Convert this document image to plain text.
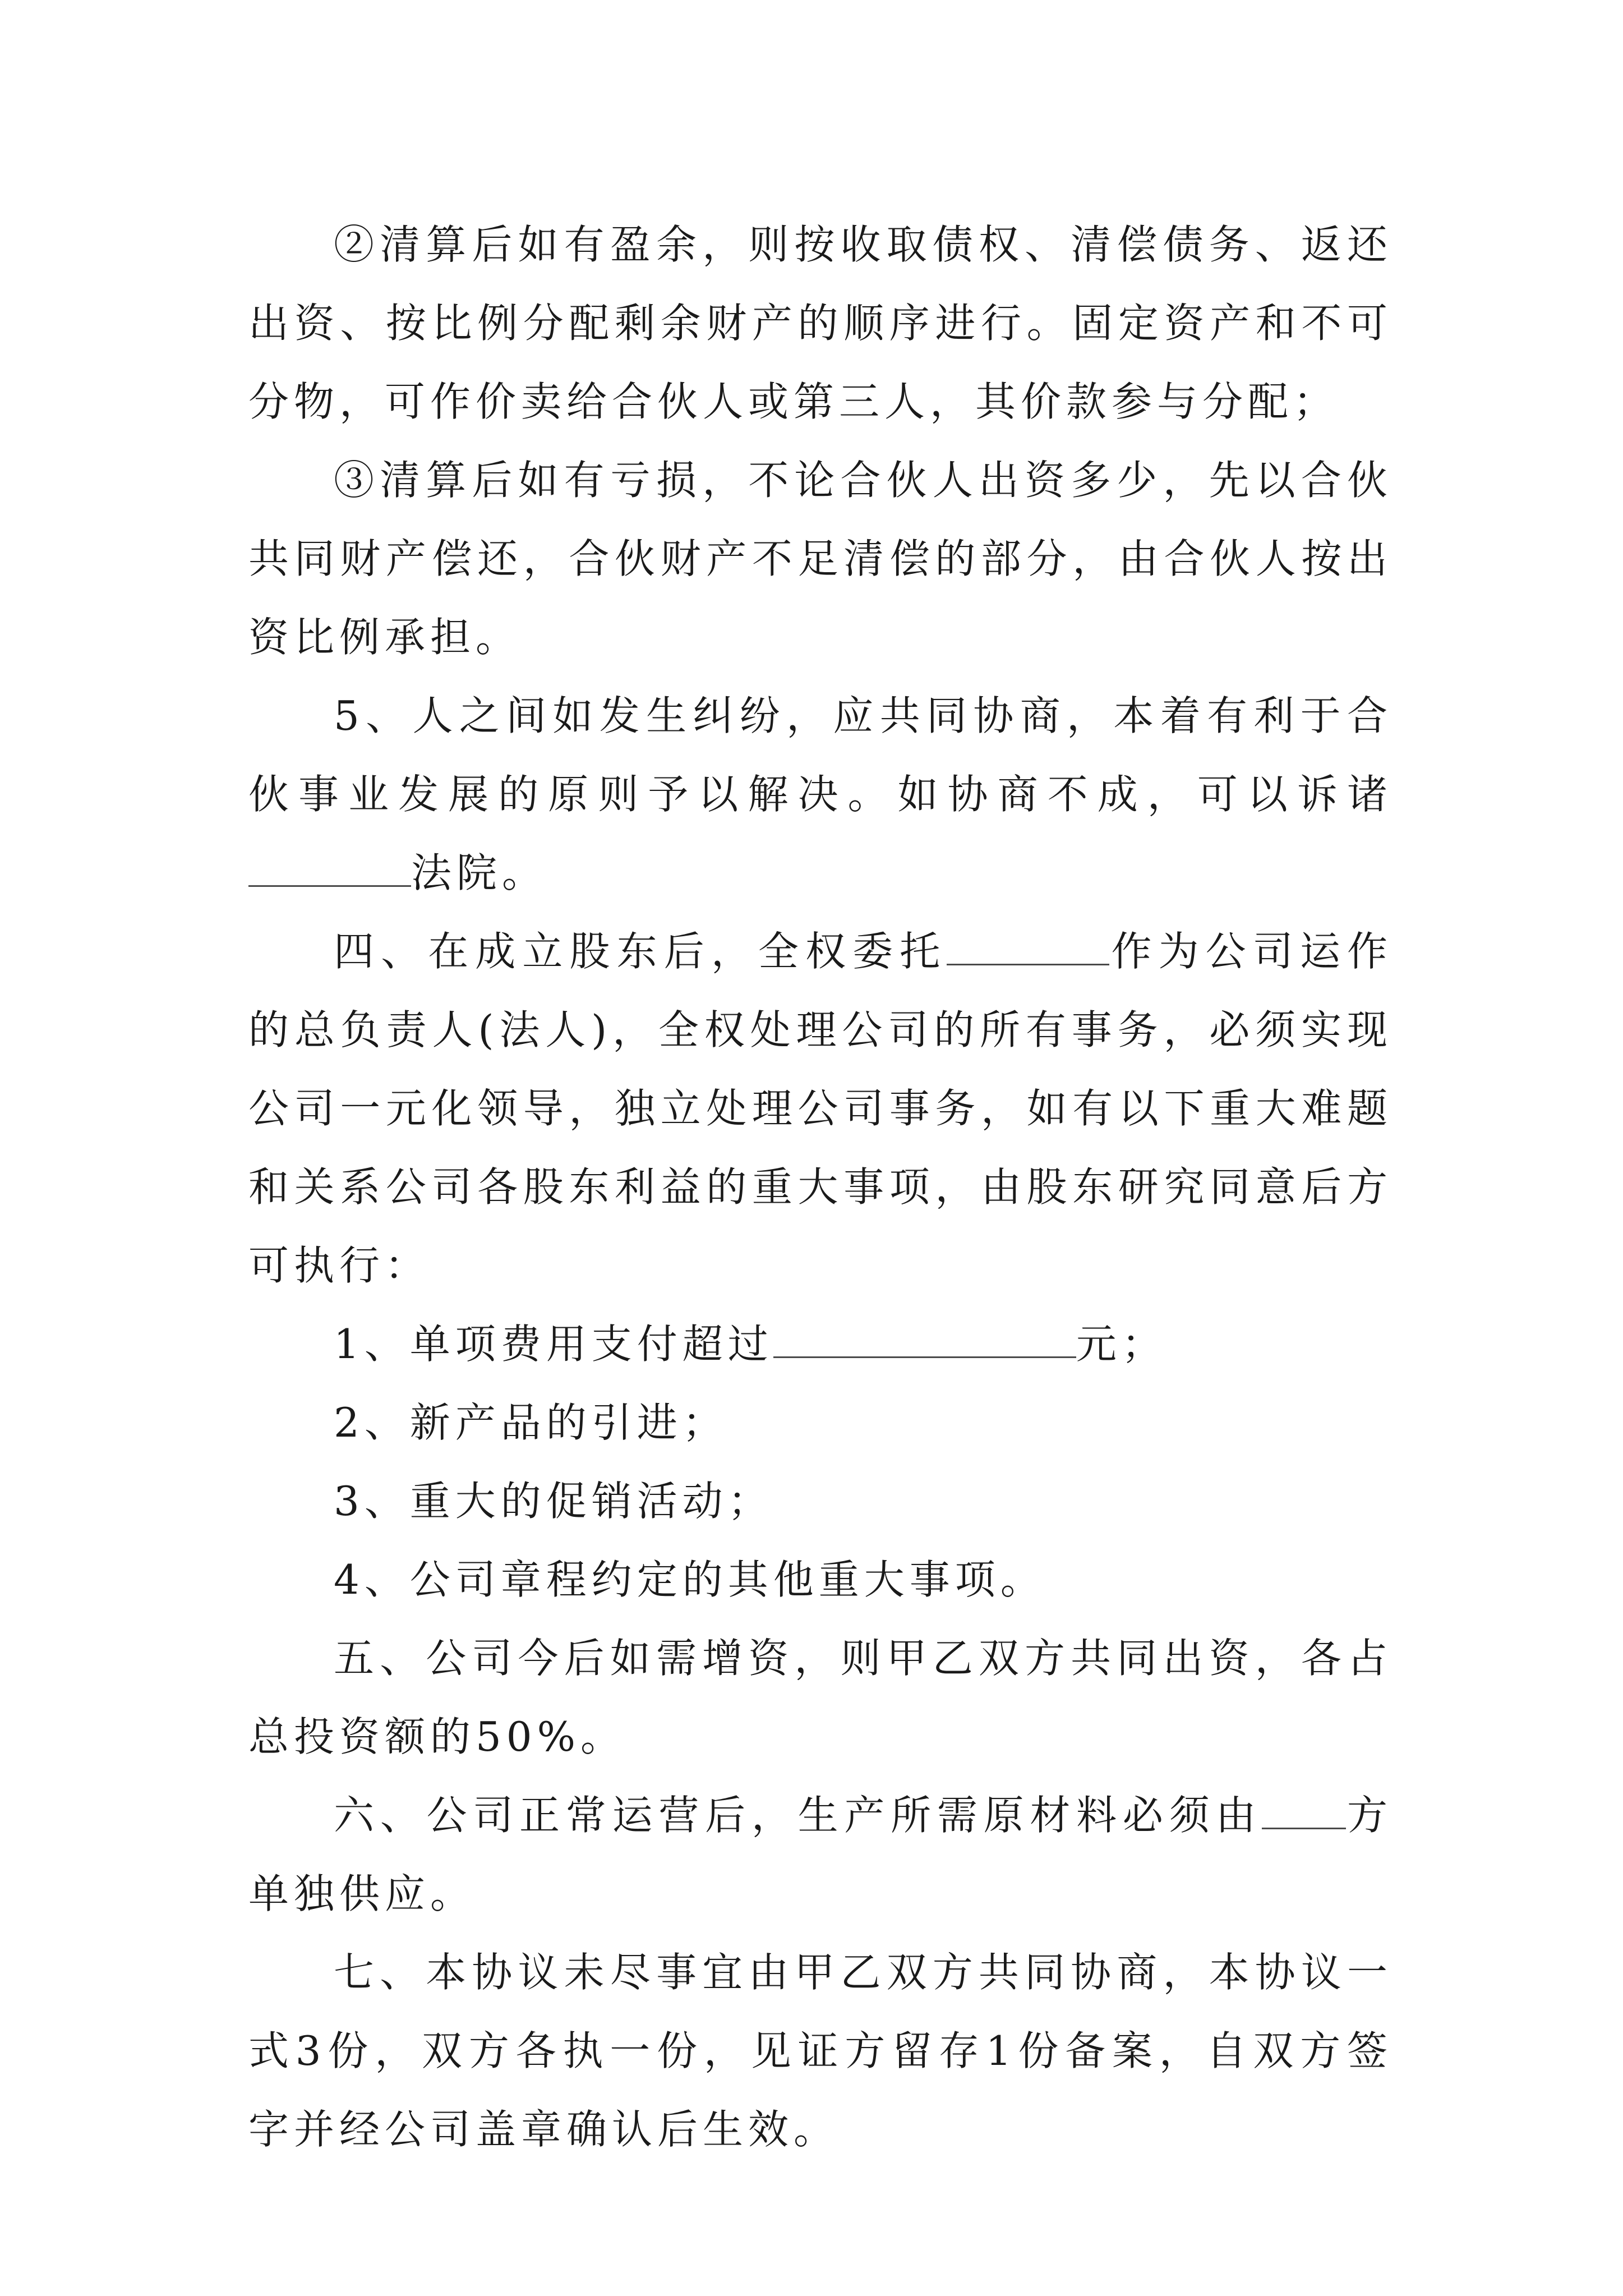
②清算后如有盈余，则按收取债权、清偿债务、返还出资、按比例分配剩余财产的顺序进行。固定资产和不可分物，可作价卖给合伙人或第三人，其价款参与分配；

③清算后如有亏损，不论合伙人出资多少，先以合伙共同财产偿还，合伙财产不足清偿的部分，由合伙人按出资比例承担。

5、人之间如发生纠纷，应共同协商，本着有利于合伙事业发展的原则予以解决。如协商不成，可以诉诸法院。

四、在成立股东后，全权委托	作为公司运作的总负责人(法人)，全权处理公司的所有事务，必须实现公司一元化领导，独立处理公司事务，如有以下重大难题和关系公司各股东利益的重大事项，由股东研究同意后方可执行：

1、单项费用支付超过	元；

2、新产品的引进；

3、重大的促销活动；

4、公司章程约定的其他重大事项。

五、公司今后如需增资，则甲乙双方共同出资，各占总投资额的50%。

六、公司正常运营后，生产所需原材料必须由 方单独供应。

七、本协议未尽事宜由甲乙双方共同协商，本协议一式3份，双方各执一份，见证方留存1份备案，自双方签字并经公司盖章确认后生效。
